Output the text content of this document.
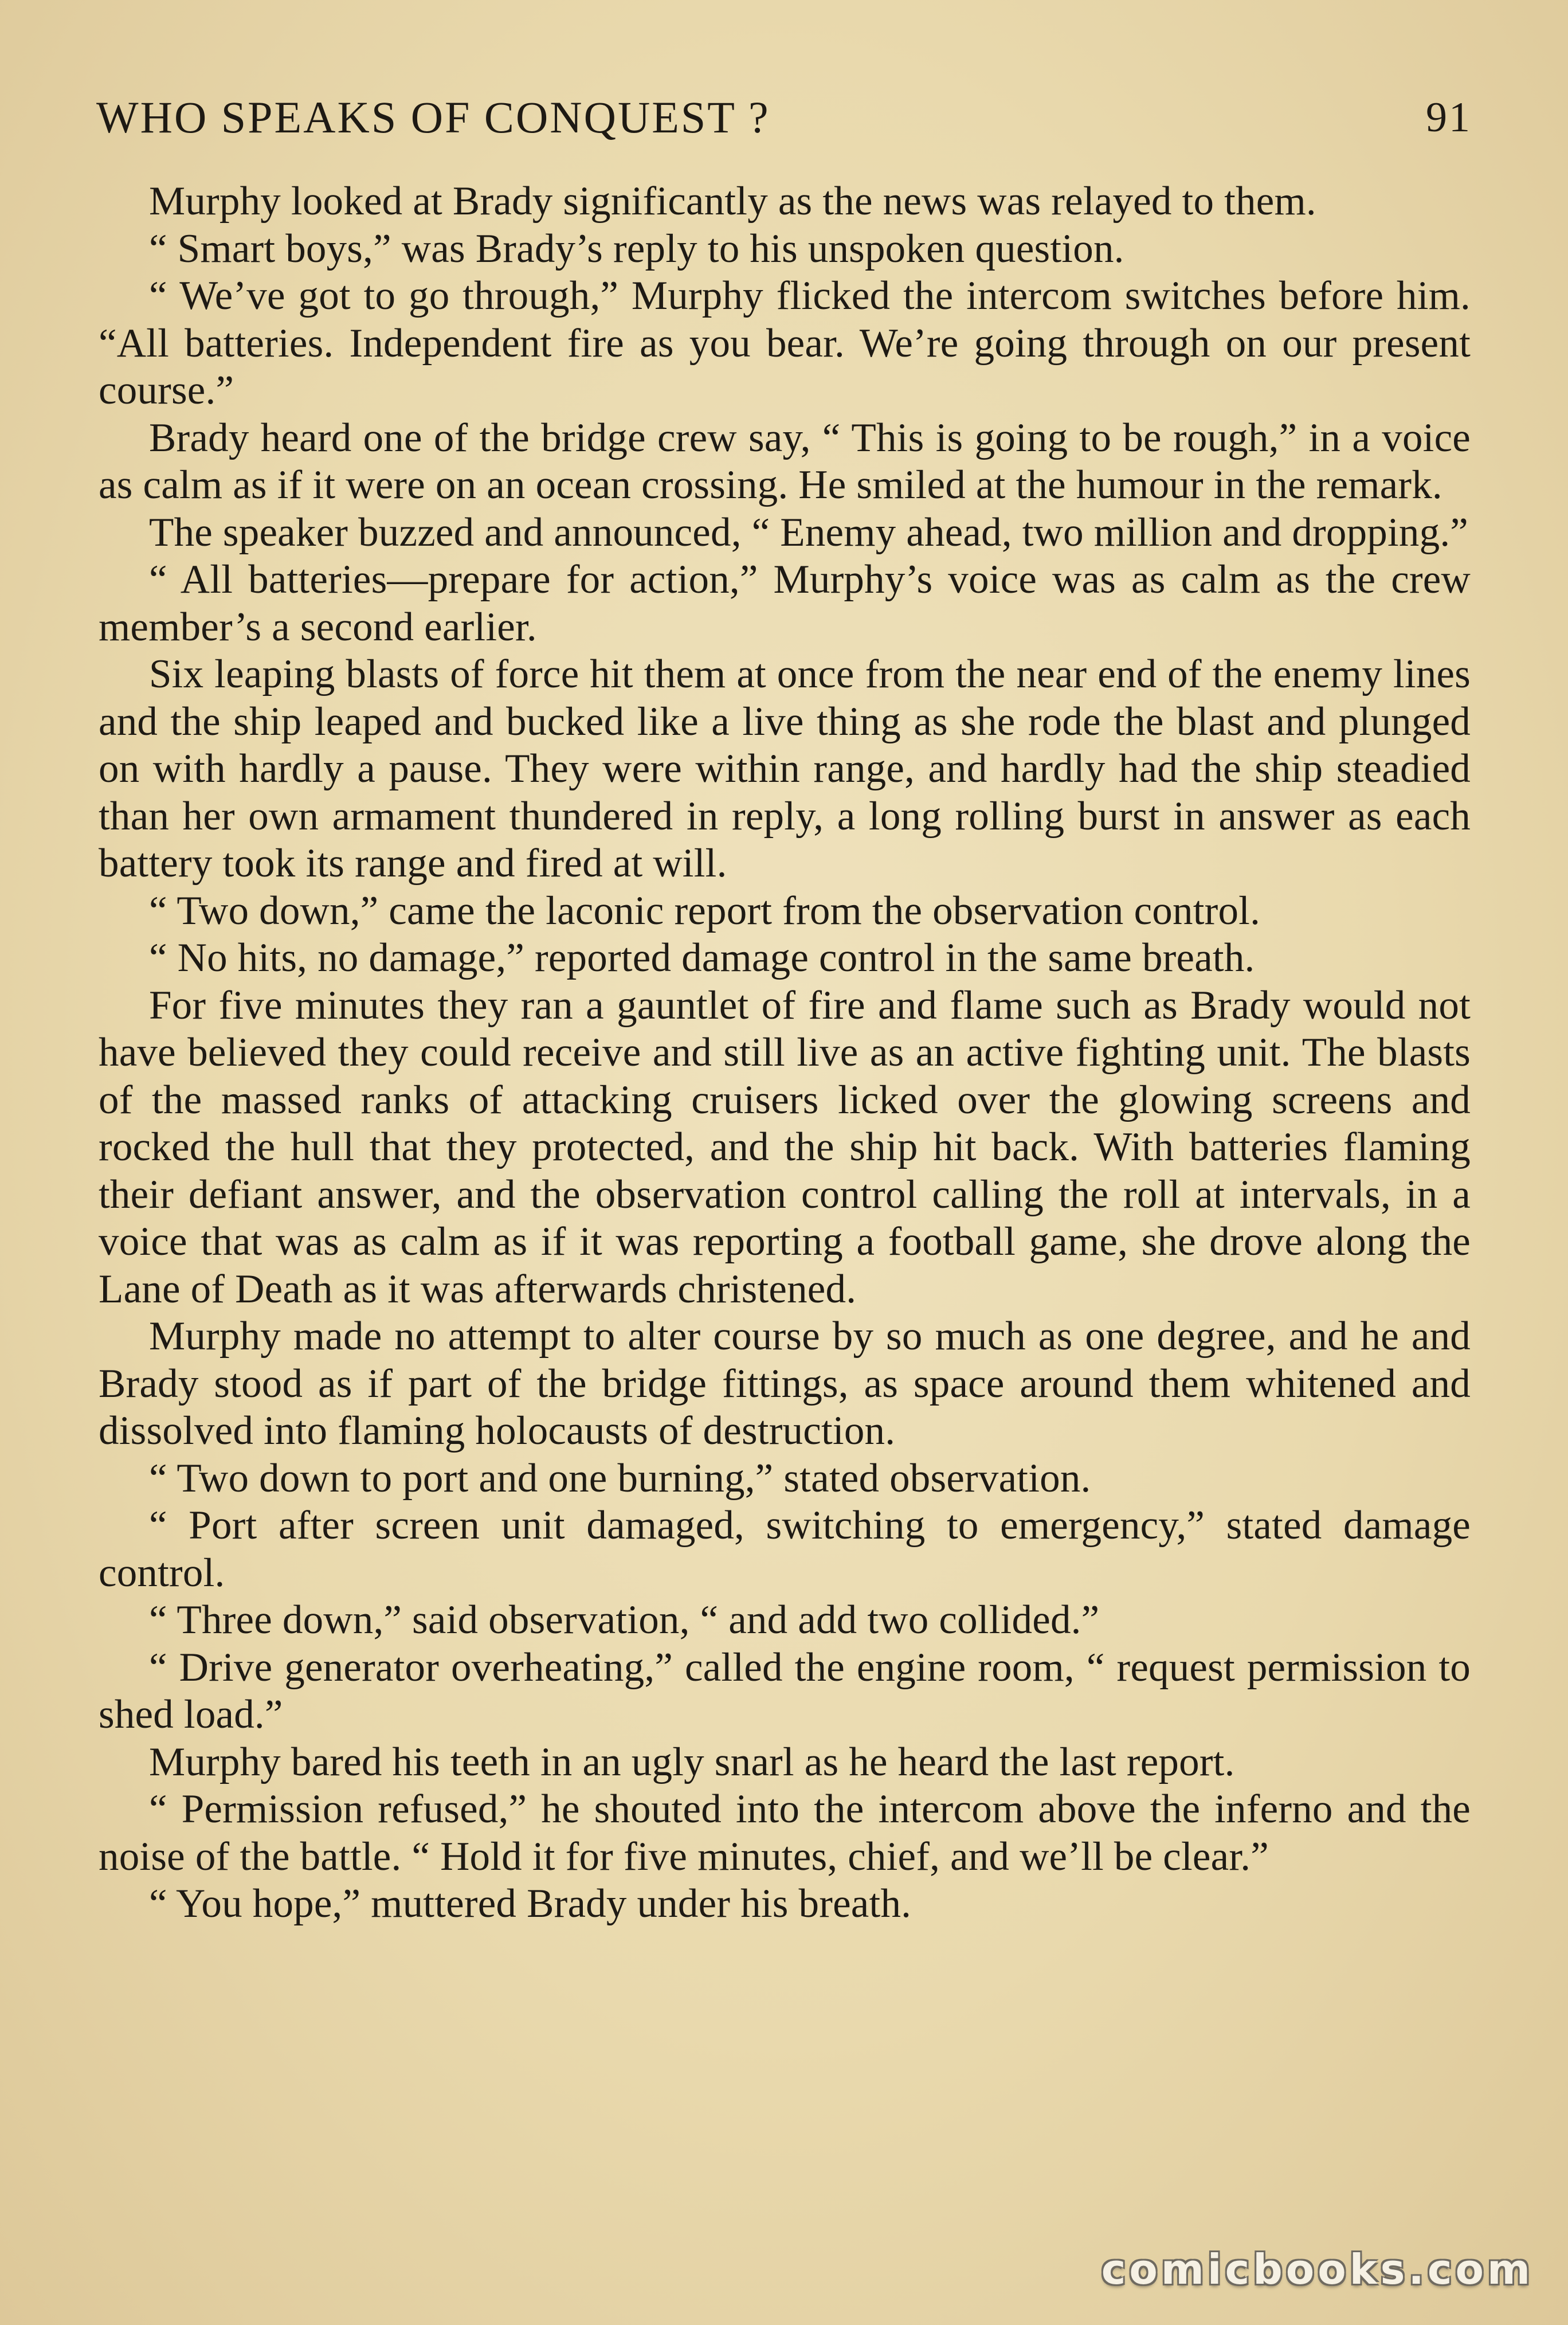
WHO SPEAKS OF CONQUEST ?	91

Murphy looked at Brady significantly as the news was relayed to them.

“ Smart boys,” was Brady’s reply to his unspoken question.

“ We’ve got to go through,” Murphy flicked the intercom switches before him. “All batteries. Independent fire as you bear. We’re going through on our present course.”

Brady heard one of the bridge crew say, “ This is going to be rough,” in a voice as calm as if it were on an ocean crossing. He smiled at the humour in the remark.

The speaker buzzed and announced, “ Enemy ahead, two million and dropping.”

“ All batteries—prepare for action,” Murphy’s voice was as calm as the crew member’s a second earlier.

Six leaping blasts of force hit them at once from the near end of the enemy lines and the ship leaped and bucked like a live thing as she rode the blast and plunged on with hardly a pause. They were within range, and hardly had the ship steadied than her own armament thundered in reply, a long rolling burst in answer as each battery took its range and fired at will.

“ Two down,” came the laconic report from the observation control.

“ No hits, no damage,” reported damage control in the same breath.

For five minutes they ran a gauntlet of fire and flame such as Brady would not have believed they could receive and still live as an active fighting unit. The blasts of the massed ranks of attacking cruisers licked over the glowing screens and rocked the hull that they protected, and the ship hit back. With batteries flaming their defiant answer, and the observation control calling the roll at intervals, in a voice that was as calm as if it was reporting a football game, she drove along the Lane of Death as it was afterwards christened.

Murphy made no attempt to alter course by so much as one degree, and he and Brady stood as if part of the bridge fittings, as space around them whitened and dissolved into flaming holocausts of destruction.

“ Two down to port and one burning,” stated observation.

“ Port after screen unit damaged, switching to emergency,” stated damage control.

“ Three down,” said observation, “ and add two collided.”

“ Drive generator overheating,” called the engine room, “ request permission to shed load.”

Murphy bared his teeth in an ugly snarl as he heard the last report.

“ Permission refused,” he shouted into the intercom above the inferno and the noise of the battle. “ Hold it for five minutes, chief, and we’ll be clear.”

“ You hope,” muttered Brady under his breath.

comicbooks.com
